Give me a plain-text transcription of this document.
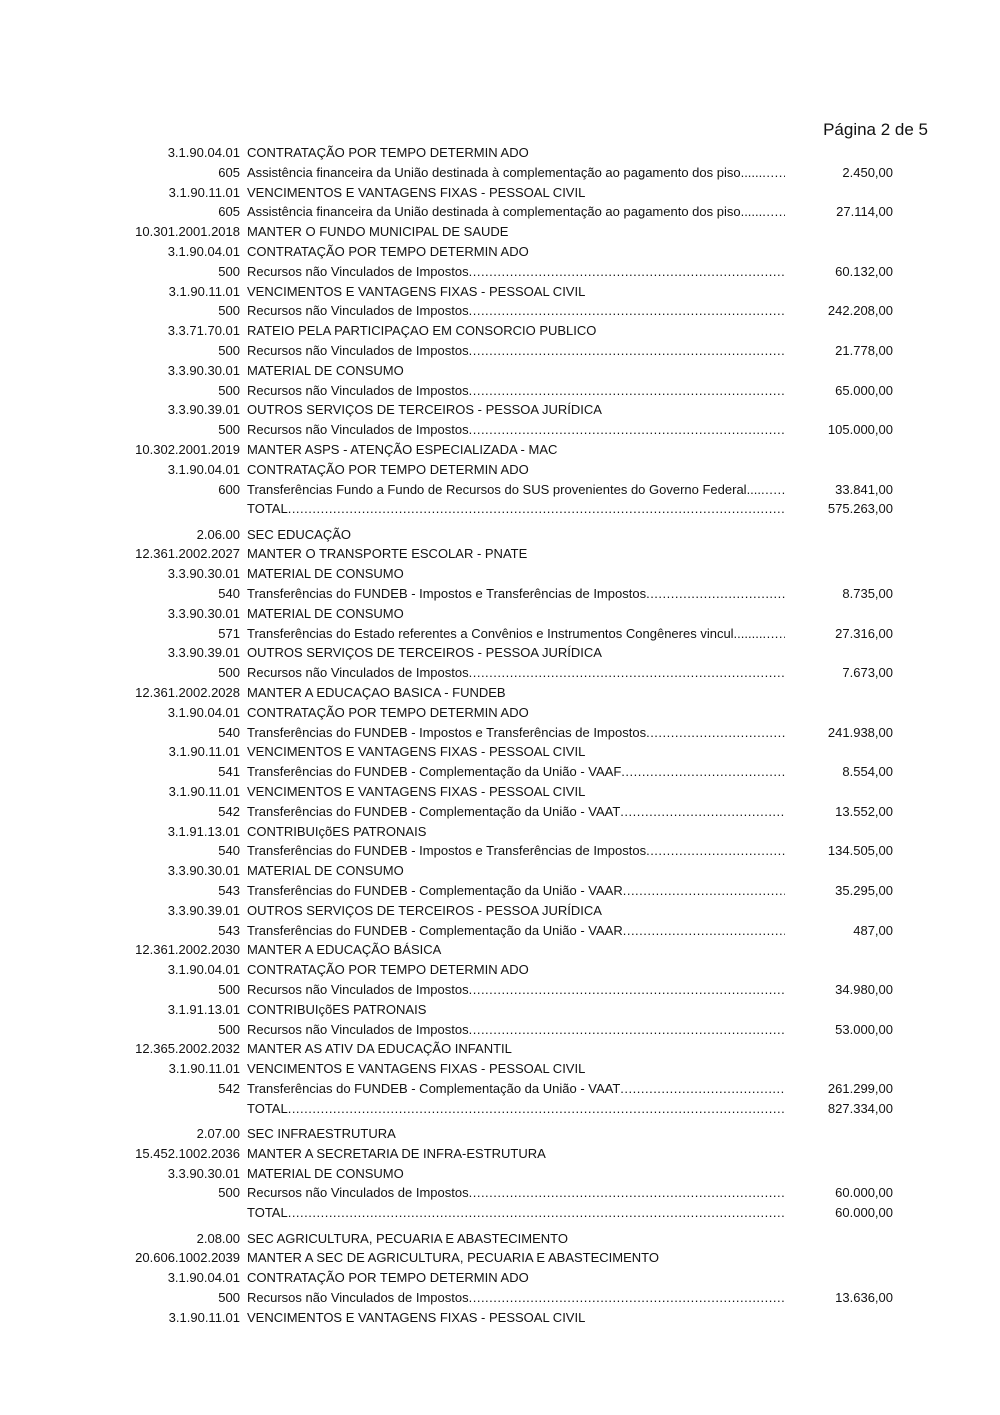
Página 2 de 5
3.1.90.04.01 CONTRATAÇÃO POR TEMPO DETERMIN ADO
605 Assistência financeira da União destinada à complementação ao pagamento dos piso...... .....	2.450,00
3.1.90.11.01 VENCIMENTOS E VANTAGENS FIXAS - PESSOAL CIVIL
605 Assistência financeira da União destinada à complementação ao pagamento dos piso...... .....	27.114,00
10.301.2001.2018 MANTER O FUNDO MUNICIPAL DE SAUDE
3.1.90.04.01 CONTRATAÇÃO POR TEMPO DETERMIN ADO
500 Recursos não Vinculados de Impostos .....	60.132,00
3.1.90.11.01 VENCIMENTOS E VANTAGENS FIXAS - PESSOAL CIVIL
500 Recursos não Vinculados de Impostos .....	242.208,00
3.3.71.70.01 RATEIO PELA PARTICIPAÇAO EM CONSORCIO PUBLICO
500 Recursos não Vinculados de Impostos .....	21.778,00
3.3.90.30.01 MATERIAL DE CONSUMO
500 Recursos não Vinculados de Impostos .....	65.000,00
3.3.90.39.01 OUTROS SERVIÇOS DE TERCEIROS - PESSOA JURÍDICA
500 Recursos não Vinculados de Impostos .....	105.000,00
10.302.2001.2019 MANTER ASPS - ATENÇÃO ESPECIALIZADA - MAC
3.1.90.04.01 CONTRATAÇÃO POR TEMPO DETERMIN ADO
600 Transferências Fundo a Fundo de Recursos do SUS provenientes do Governo Federal.... .....	33.841,00
TOTAL .....	575.263,00
2.06.00 SEC EDUCAÇÃO
12.361.2002.2027 MANTER O TRANSPORTE ESCOLAR - PNATE
3.3.90.30.01 MATERIAL DE CONSUMO
540 Transferências do FUNDEB - Impostos e Transferências de Impostos .....	8.735,00
3.3.90.30.01 MATERIAL DE CONSUMO
571 Transferências do Estado referentes a Convênios e Instrumentos Congêneres vincul........ .....	27.316,00
3.3.90.39.01 OUTROS SERVIÇOS DE TERCEIROS - PESSOA JURÍDICA
500 Recursos não Vinculados de Impostos .....	7.673,00
12.361.2002.2028 MANTER A EDUCAÇAO BASICA - FUNDEB
3.1.90.04.01 CONTRATAÇÃO POR TEMPO DETERMIN ADO
540 Transferências do FUNDEB - Impostos e Transferências de Impostos .....	241.938,00
3.1.90.11.01 VENCIMENTOS E VANTAGENS FIXAS - PESSOAL CIVIL
541 Transferências do FUNDEB - Complementação da União - VAAF .....	8.554,00
3.1.90.11.01 VENCIMENTOS E VANTAGENS FIXAS - PESSOAL CIVIL
542 Transferências do FUNDEB - Complementação da União - VAAT .....	13.552,00
3.1.91.13.01 CONTRIBUIçõES PATRONAIS
540 Transferências do FUNDEB - Impostos e Transferências de Impostos .....	134.505,00
3.3.90.30.01 MATERIAL DE CONSUMO
543 Transferências do FUNDEB - Complementação da União - VAAR .....	35.295,00
3.3.90.39.01 OUTROS SERVIÇOS DE TERCEIROS - PESSOA JURÍDICA
543 Transferências do FUNDEB - Complementação da União - VAAR .....	487,00
12.361.2002.2030 MANTER A EDUCAÇÃO BÁSICA
3.1.90.04.01 CONTRATAÇÃO POR TEMPO DETERMIN ADO
500 Recursos não Vinculados de Impostos .....	34.980,00
3.1.91.13.01 CONTRIBUIçõES PATRONAIS
500 Recursos não Vinculados de Impostos .....	53.000,00
12.365.2002.2032 MANTER AS ATIV DA EDUCAÇÃO INFANTIL
3.1.90.11.01 VENCIMENTOS E VANTAGENS FIXAS - PESSOAL CIVIL
542 Transferências do FUNDEB - Complementação da União - VAAT .....	261.299,00
TOTAL .....	827.334,00
2.07.00 SEC INFRAESTRUTURA
15.452.1002.2036 MANTER A SECRETARIA DE INFRA-ESTRUTURA
3.3.90.30.01 MATERIAL DE CONSUMO
500 Recursos não Vinculados de Impostos .....	60.000,00
TOTAL .....	60.000,00
2.08.00 SEC AGRICULTURA, PECUARIA E ABASTECIMENTO
20.606.1002.2039 MANTER A SEC DE AGRICULTURA, PECUARIA E ABASTECIMENTO
3.1.90.04.01 CONTRATAÇÃO POR TEMPO DETERMIN ADO
500 Recursos não Vinculados de Impostos .....	13.636,00
3.1.90.11.01 VENCIMENTOS E VANTAGENS FIXAS - PESSOAL CIVIL
